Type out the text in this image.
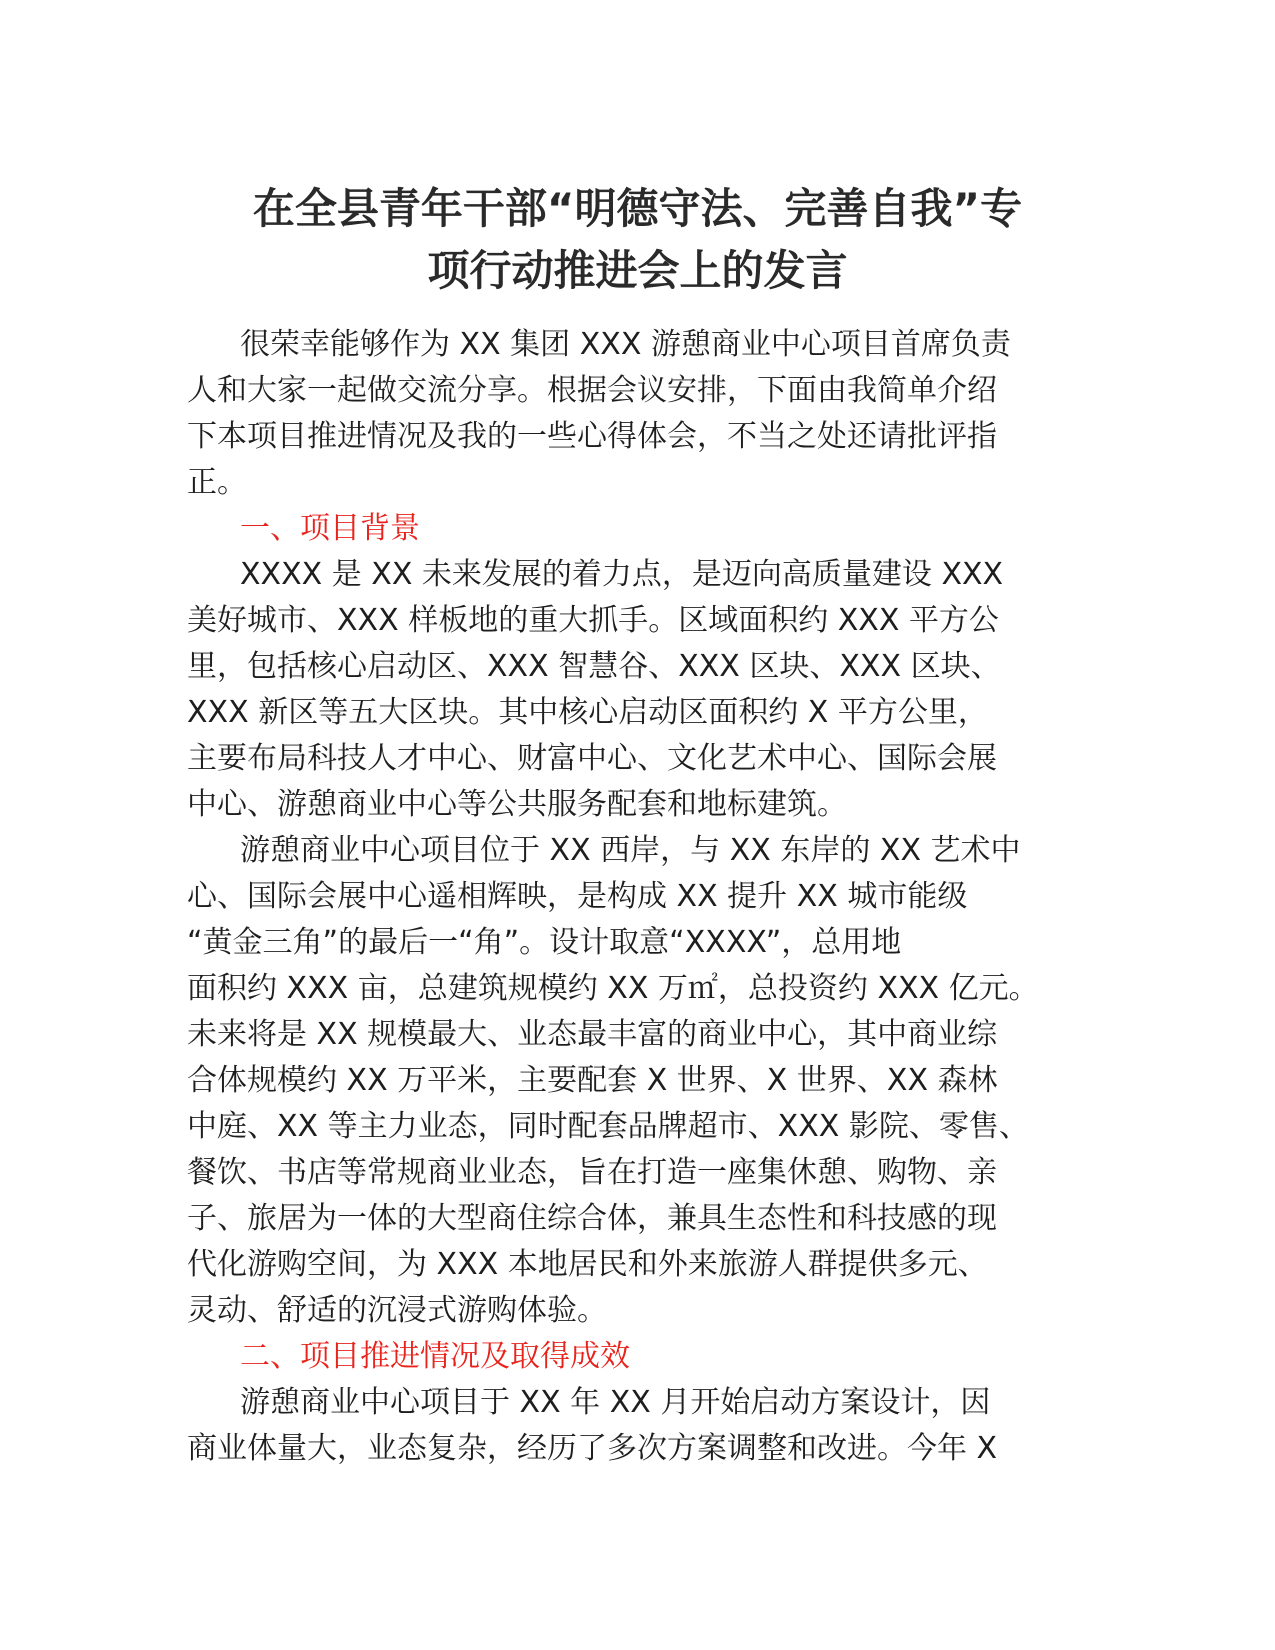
在全县青年干部“明德守法、完善自我”专
项行动推进会上的发言
很荣幸能够作为 XX 集团 XXX 游憩商业中心项目首席负责
人和大家一起做交流分享。根据会议安排，下面由我简单介绍
下本项目推进情况及我的一些心得体会，不当之处还请批评指
正。
一、项目背景
XXXX 是 XX 未来发展的着力点，是迈向高质量建设 XXX
美好城市、XXX 样板地的重大抓手。区域面积约 XXX 平方公
里，包括核心启动区、XXX 智慧谷、XXX 区块、XXX 区块、
XXX 新区等五大区块。其中核心启动区面积约 X 平方公里，
主要布局科技人才中心、财富中心、文化艺术中心、国际会展
中心、游憩商业中心等公共服务配套和地标建筑。
游憩商业中心项目位于 XX 西岸，与 XX 东岸的 XX 艺术中
心、国际会展中心遥相辉映，是构成 XX 提升 XX 城市能级
“黄金三角”的最后一“角”。设计取意“XXXX”，总用地
面积约 XXX 亩，总建筑规模约 XX 万㎡，总投资约 XXX 亿元。
未来将是 XX 规模最大、业态最丰富的商业中心，其中商业综
合体规模约 XX 万平米，主要配套 X 世界、X 世界、XX 森林
中庭、XX 等主力业态，同时配套品牌超市、XXX 影院、零售、
餐饮、书店等常规商业业态，旨在打造一座集休憩、购物、亲
子、旅居为一体的大型商住综合体，兼具生态性和科技感的现
代化游购空间，为 XXX 本地居民和外来旅游人群提供多元、
灵动、舒适的沉浸式游购体验。
二、项目推进情况及取得成效
游憩商业中心项目于 XX 年 XX 月开始启动方案设计，因
商业体量大，业态复杂，经历了多次方案调整和改进。今年 X
